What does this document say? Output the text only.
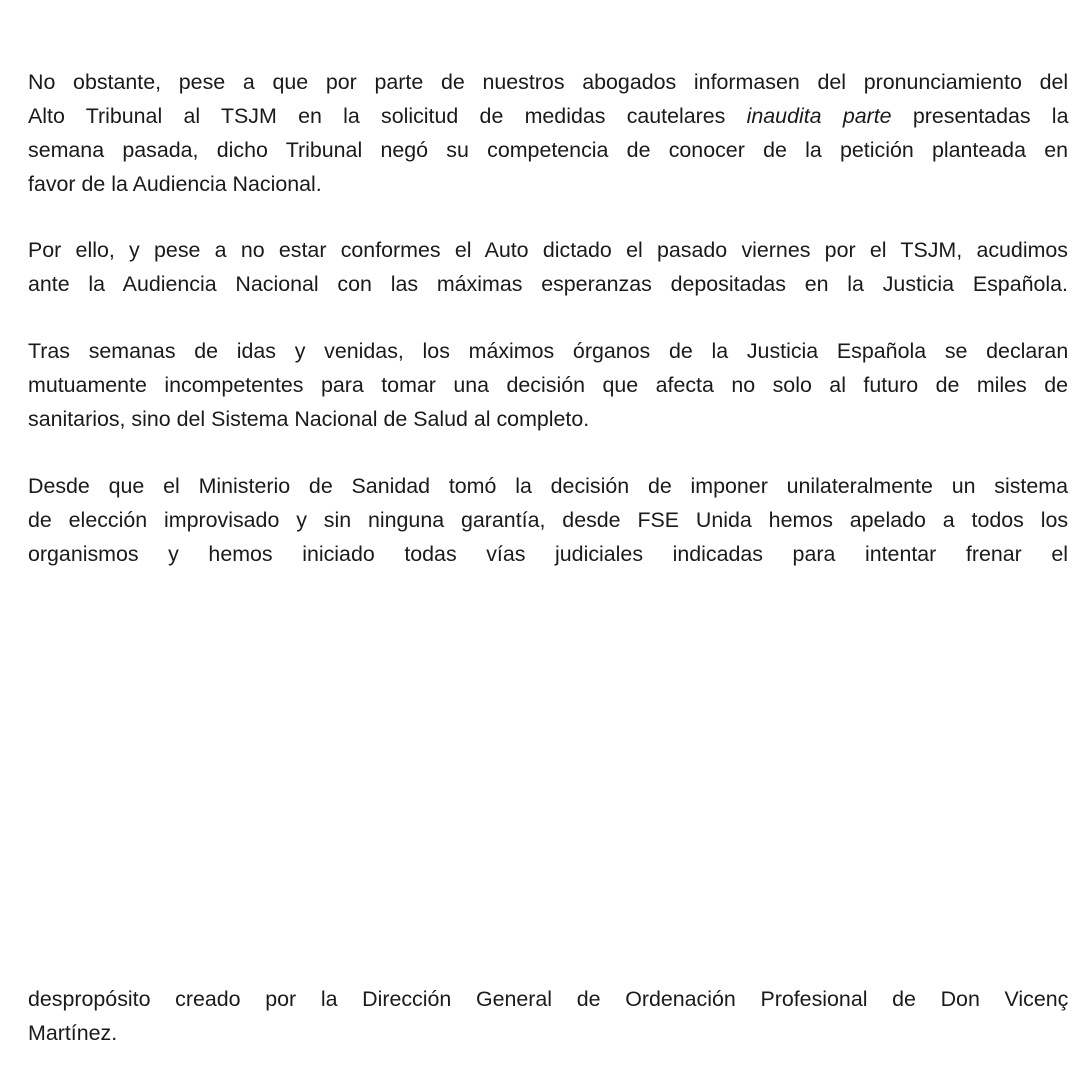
No obstante, pese a que por parte de nuestros abogados informasen del pronunciamiento del
Alto Tribunal al TSJM en la solicitud de medidas cautelares inaudita parte presentadas la
semana pasada, dicho Tribunal negó su competencia de conocer de la petición planteada en
favor de la Audiencia Nacional.

Por ello, y pese a no estar conformes el Auto dictado el pasado viernes por el TSJM, acudimos
ante la Audiencia Nacional con las máximas esperanzas depositadas en la Justicia Española.

Tras semanas de idas y venidas, los máximos órganos de la Justicia Española se declaran
mutuamente incompetentes para tomar una decisión que afecta no solo al futuro de miles de
sanitarios, sino del Sistema Nacional de Salud al completo.

Desde que el Ministerio de Sanidad tomó la decisión de imponer unilateralmente un sistema
de elección improvisado y sin ninguna garantía, desde FSE Unida hemos apelado a todos los
organismos y hemos iniciado todas vías judiciales indicadas para intentar frenar el

despropósito creado por la Dirección General de Ordenación Profesional de Don Vicenç
Martínez.
